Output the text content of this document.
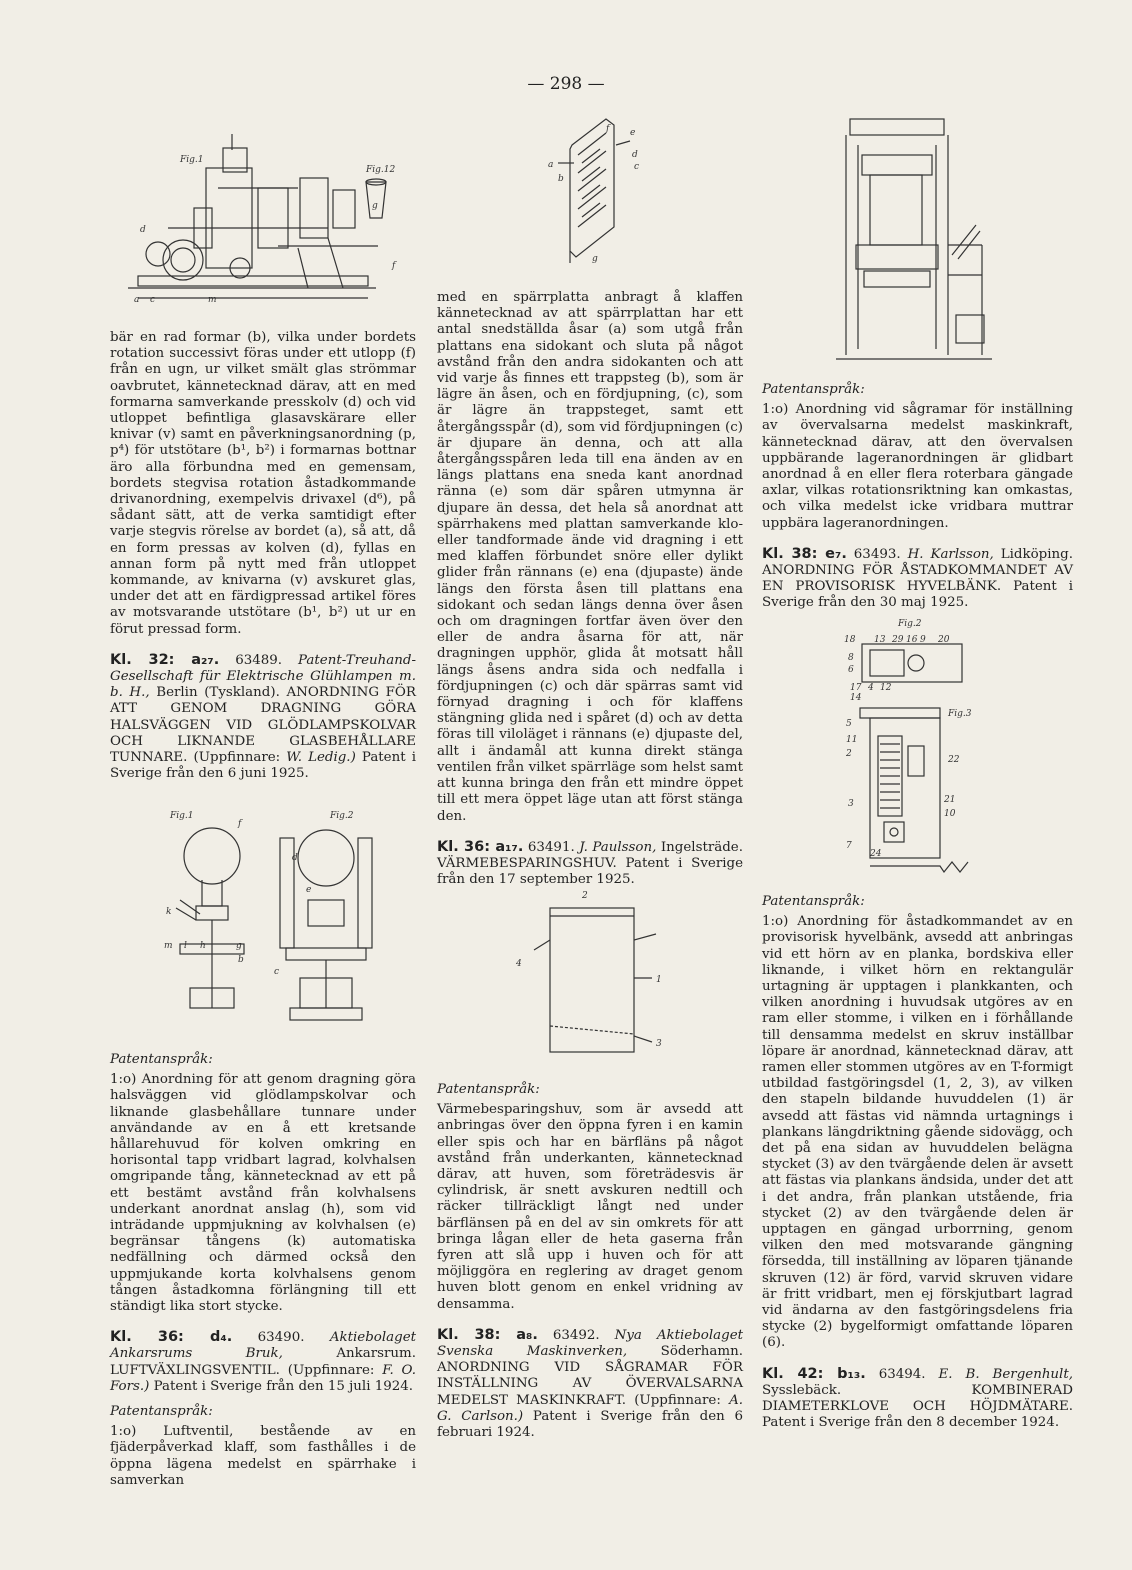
— 298 —
Fig.1
Fig.12
a c
f
g
d
m
a
b
c
d
e
f
g

bär en rad formar (b), vilka under bordets rotation successivt föras under ett utlopp (f) från en ugn, ur vilket smält glas strömmar oavbrutet, kännetecknad därav, att en med formarna samverkande presskolv (d) och vid utloppet befintliga glasavskärare eller knivar (v) samt en påverkningsanordning (p, p⁴) för utstötare (b¹, b²) i formarnas bottnar äro alla förbundna med en gemensam, bordets stegvisa rotation åstadkommande drivanordning, exempelvis drivaxel (d⁶), på sådant sätt, att de verka samtidigt efter varje stegvis rörelse av bordet (a), så att, då en form pressas av kolven (d), fyllas en annan form på nytt med från utloppet kommande, av knivarna (v) avskuret glas, under det att en färdigpressad artikel föres av motsvarande utstötare (b¹, b²) ut ur en förut pressad form.

Kl. 32: a₂₇. 63489. Patent-Treuhand-Gesellschaft für Elektrische Glühlampen m. b. H., Berlin (Tyskland). ANORDNING FÖR ATT GENOM DRAGNING GÖRA HALSVÄGGEN VID GLÖDLAMPSKOLVAR OCH LIKNANDE GLASBEHÅLLARE TUNNARE. (Uppfinnare: W. Ledig.) Patent i Sverige från den 6 juni 1925.

Fig.1	Fig.2
k
g
b
m l h
f
d
e
c

Patentanspråk:

1:o) Anordning för att genom dragning göra halsväggen vid glödlampskolvar och liknande glasbehållare tunnare under användande av en å ett kretsande hållarehuvud för kolven omkring en horisontal tapp vridbart lagrad, kolvhalsen omgripande tång, kännetecknad av ett på ett bestämt avstånd från kolvhalsens underkant anordnat anslag (h), som vid inträdande uppmjukning av kolvhalsen (e) begränsar tångens (k) automatiska nedfällning och därmed också den uppmjukande korta kolvhalsens genom tången åstadkomna förlängning till ett ständigt lika stort stycke.

Kl. 36: d₄. 63490. Aktiebolaget Ankarsrums Bruk,	Ankarsrum. LUFTVÄXLINGSVENTIL. (Uppfinnare: F. O. Fors.) Patent i Sverige från den 15 juli 1924.

Patentanspråk:

1:o) Luftventil, bestående av en fjäderpåverkad klaff, som fasthålles i de öppna lägena medelst en spärrhake i samverkan

med en spärrplatta anbragt å klaffen kännetecknad av att spärrplattan har ett antal snedställda åsar (a) som utgå från plattans ena sidokant och sluta på något avstånd från den andra sidokanten och att vid varje ås finnes ett trappsteg (b), som är lägre än åsen, och en fördjupning, (c), som är lägre än trappsteget, samt ett återgångsspår (d), som vid fördjupningen (c) är djupare än denna, och att alla återgångsspåren leda till ena änden av en längs plattans ena sneda kant anordnad ränna (e) som där spåren utmynna är djupare än dessa, det hela så anordnat att spärrhakens med plattan samverkande klo- eller tandformade ände vid dragning i ett med klaffen förbundet snöre eller dylikt glider från rännans (e) ena (djupaste) ände längs den första åsen till plattans ena sidokant och sedan längs denna över åsen och om dragningen fortfar även över den eller de andra åsarna för att, när dragningen upphör, glida åt motsatt håll längs åsens andra sida och nedfalla i fördjupningen (c) och där spärras samt vid förnyad dragning i och för klaffens stängning glida ned i spåret (d) och av detta föras till viloläget i rännans (e) djupaste del, allt i ändamål att kunna direkt stänga ventilen från vilket spärrläge som helst samt att kunna bringa den från ett mindre öppet till ett mera öppet läge utan att först stänga den.

Kl. 36: a₁₇. 63491. J. Paulsson, Ingelsträde. VÄRMEBESPARINGSHUV. Patent i Sverige från den 17 september 1925.

2
4
1
3

Patentanspråk:

Värmebesparingshuv, som är avsedd att anbringas över den öppna fyren i en kamin eller spis och har en bärfläns på något avstånd från underkanten, kännetecknad därav, att huven, som företrädesvis är cylindrisk, är snett avskuren nedtill och räcker tillräckligt långt ned under bärflänsen på en del av sin omkrets för att bringa lågan eller de heta gaserna från fyren att slå upp i huven och för att möjliggöra en reglering av draget genom huven blott genom en enkel vridning av densamma.

Kl. 38: a₈. 63492. Nya Aktiebolaget Svenska Maskinverken,	Söderhamn. ANORDNING VID SÅGRAMAR FÖR INSTÄLLNING AV ÖVERVALSARNA MEDELST MASKINKRAFT. (Uppfinnare: A. G. Carlson.) Patent i Sverige från den 6 februari 1924.

Patentanspråk:

1:o) Anordning vid sågramar för inställning av övervalsarna medelst maskinkraft, kännetecknad därav, att den övervalsen uppbärande lageranordningen är glidbart anordnad å en eller flera roterbara gängade axlar, vilkas rotationsriktning kan omkastas, och vilka medelst icke vridbara muttrar uppbära lageranordningen.

Kl. 38: e₇. 63493. H. Karlsson, Lidköping. ANORDNING FÖR ÅSTADKOMMANDET AV EN PROVISORISK HYVELBÄNK. Patent i Sverige från den 30 maj 1925.

Fig.2
Fig.3
18 13 29 16 9 20
8
6
17 4 12
14
5
11
2
22
21
10
3
7
24

Patentanspråk:

1:o) Anordning för åstadkommandet av en provisorisk hyvelbänk, avsedd att anbringas vid ett hörn av en planka, bordskiva eller liknande, i vilket hörn en rektangulär urtagning är upptagen i plankkanten, och vilken anordning i huvudsak utgöres av en ram eller stomme, i vilken en i förhållande till densamma medelst en skruv inställbar löpare är anordnad, kännetecknad därav, att ramen eller stommen utgöres av en T-formigt utbildad fastgöringsdel (1, 2, 3), av vilken den stapeln bildande huvuddelen (1) är avsedd att fästas vid nämnda urtagnings i plankans längdriktning gående sidovägg, och det på ena sidan av huvuddelen belägna stycket (3) av den tvärgående delen är avsett att fästas via plankans ändsida, under det att i det andra, från plankan utstående, fria stycket (2) av den tvärgående delen är upptagen en gängad urborrning, genom vilken den med motsvarande gängning försedda, till inställning av löparen tjänande skruven (12) är förd, varvid skruven vidare är fritt vridbart, men ej förskjutbart lagrad vid ändarna av den fastgöringsdelens fria stycke (2) bygelformigt omfattande löparen (6).

Kl. 42: b₁₃. 63494. E. B. Bergenhult, Sysslebäck. KOMBINERAD DIAMETERKLOVE OCH HÖJDMÄTARE. Patent i Sverige från den 8 december 1924.
